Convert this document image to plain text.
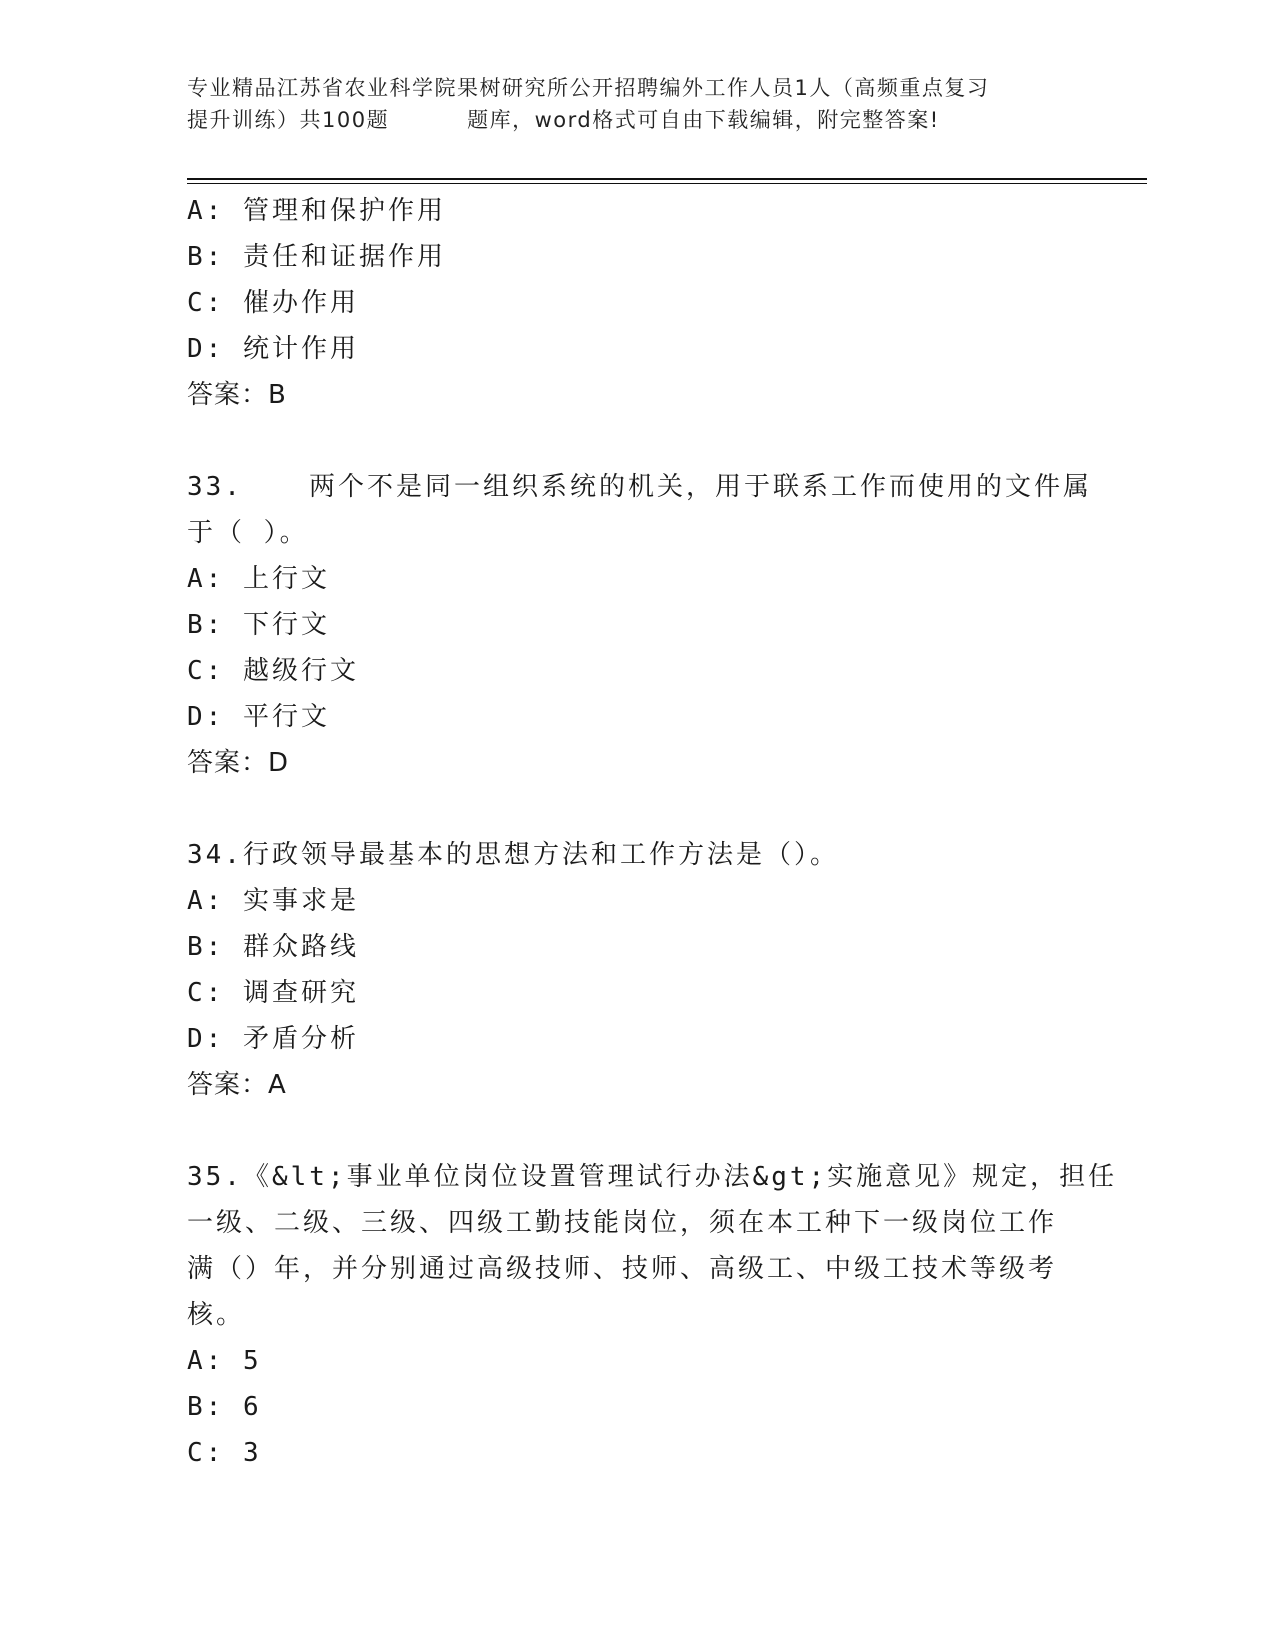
专业精品江苏省农业科学院果树研究所公开招聘编外工作人员1人（高频重点复习
提升训练）共100题	题库，word格式可自由下载编辑，附完整答案!
A: 管理和保护作用
B: 责任和证据作用
C: 催办作用
D: 统计作用
答案：B
33.	两个不是同一组织系统的机关，用于联系工作而使用的文件属
于（ ）。
A: 上行文
B: 下行文
C: 越级行文
D: 平行文
答案：D
34.行政领导最基本的思想方法和工作方法是（）。
A: 实事求是
B: 群众路线
C: 调查研究
D: 矛盾分析
答案：A
35.《&lt;事业单位岗位设置管理试行办法&gt;实施意见》规定，担任
一级、二级、三级、四级工勤技能岗位，须在本工种下一级岗位工作
满（）年，并分别通过高级技师、技师、高级工、中级工技术等级考
核。
A: 5
B: 6
C: 3
